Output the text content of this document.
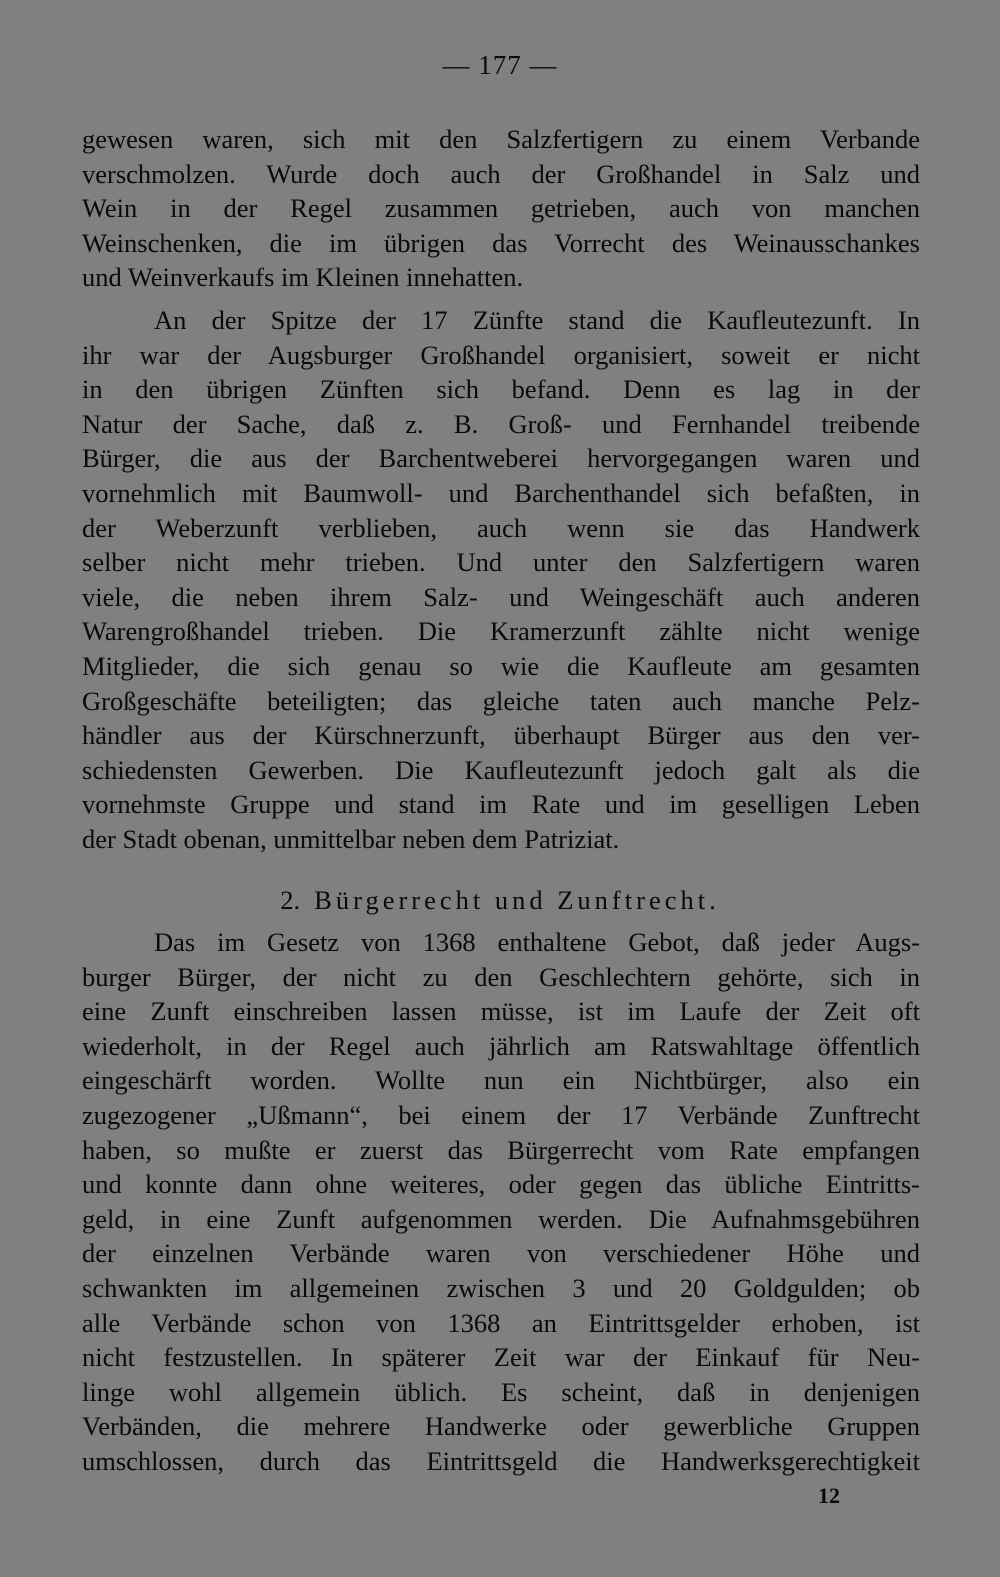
— 177 —
gewesen waren, sich mit den Salzfertigern zu einem Verbande
verschmolzen. Wurde doch auch der Großhandel in Salz und
Wein in der Regel zusammen getrieben, auch von manchen
Weinschenken, die im übrigen das Vorrecht des Weinausschankes
und Weinverkaufs im Kleinen innehatten.
An der Spitze der 17 Zünfte stand die Kaufleutezunft. In
ihr war der Augsburger Großhandel organisiert, soweit er nicht
in den übrigen Zünften sich befand. Denn es lag in der
Natur der Sache, daß z. B. Groß- und Fernhandel treibende
Bürger, die aus der Barchentweberei hervorgegangen waren und
vornehmlich mit Baumwoll- und Barchenthandel sich befaßten, in
der Weberzunft verblieben, auch wenn sie das Handwerk
selber nicht mehr trieben. Und unter den Salzfertigern waren
viele, die neben ihrem Salz- und Weingeschäft auch anderen
Warengroßhandel trieben. Die Kramerzunft zählte nicht wenige
Mitglieder, die sich genau so wie die Kaufleute am gesamten
Großgeschäfte beteiligten; das gleiche taten auch manche Pelz-
händler aus der Kürschnerzunft, überhaupt Bürger aus den ver-
schiedensten Gewerben. Die Kaufleutezunft jedoch galt als die
vornehmste Gruppe und stand im Rate und im geselligen Leben
der Stadt obenan, unmittelbar neben dem Patriziat.
2. Bürgerrecht und Zunftrecht.
Das im Gesetz von 1368 enthaltene Gebot, daß jeder Augs-
burger Bürger, der nicht zu den Geschlechtern gehörte, sich in
eine Zunft einschreiben lassen müsse, ist im Laufe der Zeit oft
wiederholt, in der Regel auch jährlich am Ratswahltage öffentlich
eingeschärft worden. Wollte nun ein Nichtbürger, also ein
zugezogener „Ußmann“, bei einem der 17 Verbände Zunftrecht
haben, so mußte er zuerst das Bürgerrecht vom Rate empfangen
und konnte dann ohne weiteres, oder gegen das übliche Eintritts-
geld, in eine Zunft aufgenommen werden. Die Aufnahmsgebühren
der einzelnen Verbände waren von verschiedener Höhe und
schwankten im allgemeinen zwischen 3 und 20 Goldgulden; ob
alle Verbände schon von 1368 an Eintrittsgelder erhoben, ist
nicht festzustellen. In späterer Zeit war der Einkauf für Neu-
linge wohl allgemein üblich. Es scheint, daß in denjenigen
Verbänden, die mehrere Handwerke oder gewerbliche Gruppen
umschlossen, durch das Eintrittsgeld die Handwerksgerechtigkeit
12
